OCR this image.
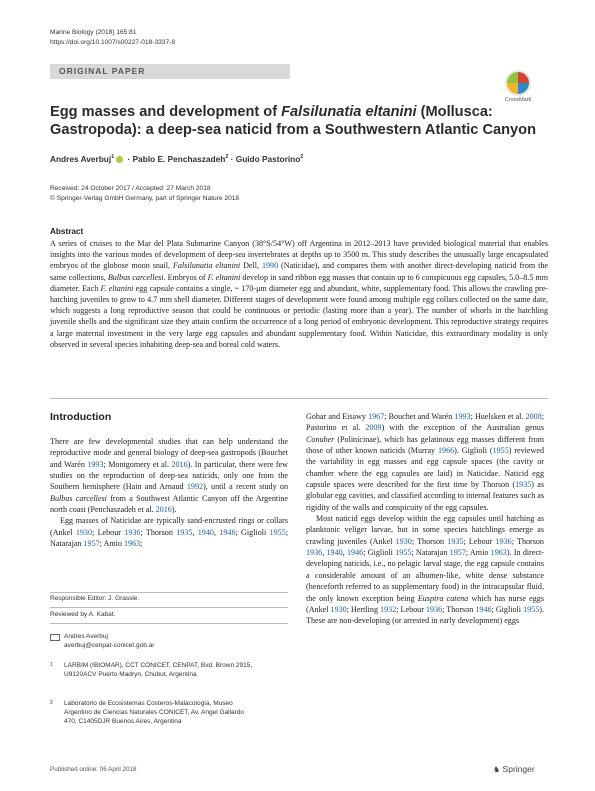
Marine Biology (2018) 165:81
https://doi.org/10.1007/s00227-018-3337-8
ORIGINAL PAPER
CrossMark
Egg masses and development of Falsilunatia eltanini (Mollusca: Gastropoda): a deep-sea naticid from a Southwestern Atlantic Canyon
Andres Averbuj$^1$ · Pablo E. Penchaszadeh$^2$ · Guido Pastorino$^2$
Received: 24 October 2017 / Accepted: 27 March 2018
© Springer-Verlag GmbH Germany, part of Springer Nature 2018
Abstract
A series of cruises to the Mar del Plata Submarine Canyon (38°S/54°W) off Argentina in 2012–2013 have provided biological material that enables insights into the various modes of development of deep-sea invertebrates at depths up to 3500 m. This study describes the unusually large encapsulated embryos of the globose moon snail, Falsilunatia eltanini Dell, 1990 (Naticidae), and compares them with another direct-developing naticid from the same collections, Bulbus carcellesi. Embryos of F. eltanini develop in sand ribbon egg masses that contain up to 6 conspicuous egg capsules, 5.0–8.5 mm diameter. Each F. eltanini egg capsule contains a single, ~ 170-μm diameter egg and abundant, white, supplementary food. This allows the crawling pre-hatching juveniles to grow to 4.7 mm shell diameter. Different stages of development were found among multiple egg collars collected on the same date, which suggests a long reproductive season that could be continuous or periodic (lasting more than a year). The number of whorls in the hatchling juvenile shells and the significant size they attain confirm the occurrence of a long period of embryonic development. This reproductive strategy requires a large maternal investment in the very large egg capsules and abundant supplementary food. Within Naticidae, this extraordinary modality is only observed in several species inhabiting deep-sea and boreal cold waters.
Introduction

There are few developmental studies that can help understand the reproductive mode and general biology of deep-sea gastropods (Bouchet and Warén 1993; Montgomery et al. 2016). In particular, there were few studies on the reproduction of deep-sea naticids, only one from the Southern hemisphere (Hain and Arnaud 1992), until a recent study on Bulbus carcellesi from a Southwest Atlantic Canyon off the Argentine north coast (Penchaszadeh et al. 2016).

Egg masses of Naticidae are typically sand-encrusted rings or collars (Ankel 1930; Lebour 1936; Thorson 1935, 1940, 1946; Giglioli 1955; Natarajan 1957; Amio 1963;

Gohar and Eisawy 1967; Bouchet and Warén 1993; Huelsken et al. 2008; Pastorino et al. 2009) with the exception of the Australian genus Conuber (Polinicinae), which has gelatinous egg masses different from those of other known naticids (Murray 1966). Giglioli (1955) reviewed the variability in egg masses and egg capsule spaces (the cavity or chamber where the egg capsules are laid) in Naticidae. Naticid egg capsule spaces were described for the first time by Thorson (1935) as globular egg cavities, and classified according to internal features such as rigidity of the walls and conspicuity of the egg capsules.

Most naticid eggs develop within the egg capsules until hatching as planktonic veliger larvae, but in some species hatchlings emerge as crawling juveniles (Ankel 1930; Thorson 1935; Lebour 1936; Thorson 1936, 1940, 1946; Giglioli 1955; Natarajan 1957; Amio 1963). In direct-developing naticids, i.e., no pelagic larval stage, the egg capsule contains a considerable amount of an albumen-like, white dense substance (henceforth referred to as supplementary food) in the intracapsular fluid, the only known exception being Euspira catena which has nurse eggs (Ankel 1930; Hertling 1932; Lebour 1936; Thorson 1946; Giglioli 1955). These are non-developing (or arrested in early development) eggs

Responsible Editor: J. Grassle.
Reviewed by A. Kabat.
Andres Averbuj
averbuj@cenpat-conicet.gob.ar
1 LARBIM (IBIOMAR), CCT CONICET, CENPAT, Bvd. Brown 2915, U9120ACV Puerto Madryn, Chubut, Argentina
2 Laboratorio de Ecosistemas Costeros-Malacología, Museo Argentino de Ciencias Naturales CONICET, Av. Angel Gallardo 470, C1405DJR Buenos Aires, Argentina
Published online: 06 April 2018	♞ Springer
